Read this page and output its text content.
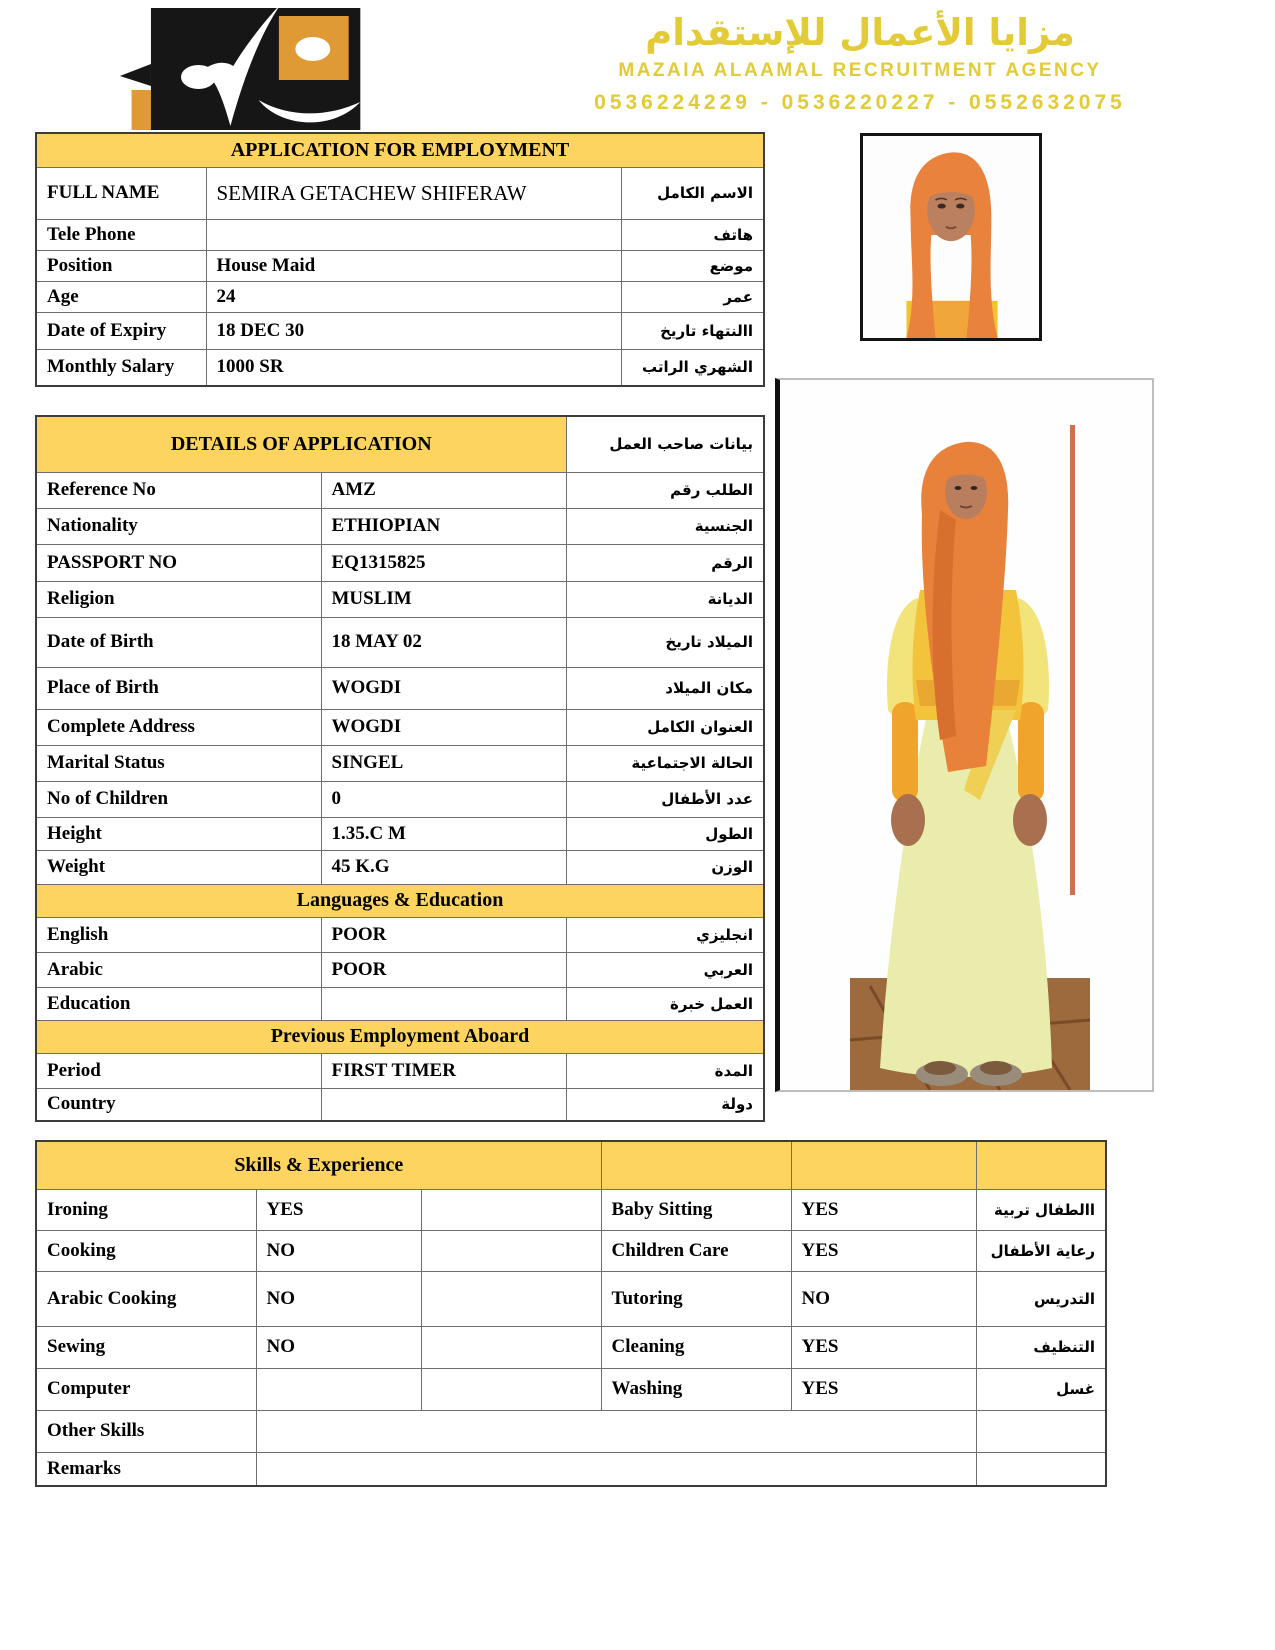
مزايا الأعمال للإستقدام
MAZAIA ALAAMAL RECRUITMENT AGENCY
0536224229 - 0536220227 - 0552632075
APPLICATION FOR EMPLOYMENT		
FULL NAME	SEMIRA GETACHEW SHIFERAW	الاسم الكامل
Tele Phone		هاتف
Position	House Maid	موضع
Age	24	عمر
Date of Expiry	18 DEC 30	االنتهاء تاريخ
Monthly Salary	1000 SR	الشهري الراتب
DETAILS OF APPLICATION		بيانات صاحب العمل
Reference No	AMZ	الطلب رقم
Nationality	ETHIOPIAN	الجنسية
PASSPORT NO	EQ1315825	الرقم
Religion	MUSLIM	الديانة
Date of Birth	18 MAY 02	الميلاد تاريخ
Place of Birth	WOGDI	مكان الميلاد
Complete Address	WOGDI	العنوان الكامل
Marital Status	SINGEL	الحالة الاجتماعية
No of Children	0	عدد الأطفال
Height	1.35.C M	الطول
Weight	45 K.G	الوزن
Languages & Education		
English	POOR	انجليزي
Arabic	POOR	العربي
Education		العمل خبرة
Previous Employment Aboard		
Period	FIRST TIMER	المدة
Country		دولة
Skills & Experience					
Ironing	YES		Baby Sitting	YES	االطفال تربية
Cooking	NO		Children Care	YES	رعاية الأطفال
Arabic Cooking	NO		Tutoring	NO	التدريس
Sewing	NO		Cleaning	YES	التنظيف
Computer			Washing	YES	غسل
Other Skills					
Remarks					
